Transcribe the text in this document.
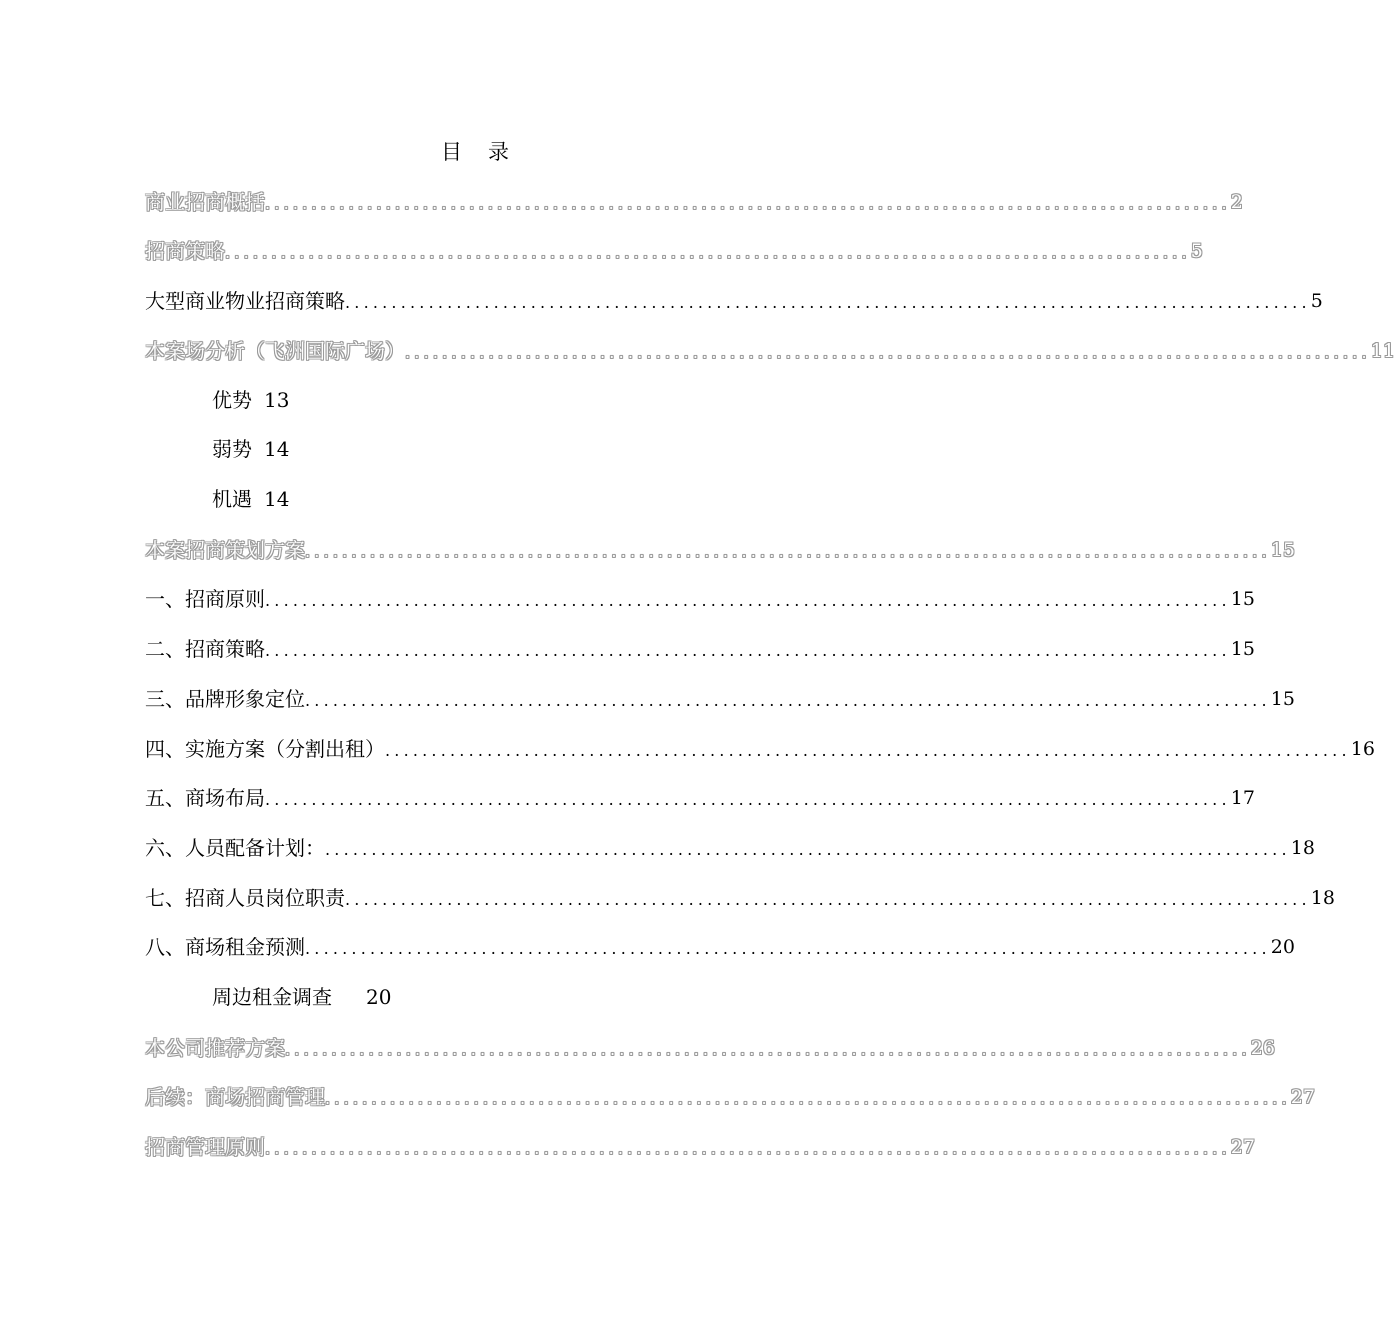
目 录
商业招商概括 ........................................................................................................ 2
招商策略 ........................................................................................................ 5
大型商业物业招商策略 ........................................................................................................ 5
本案场分析（飞洲国际广场） ........................................................................................................ 11
优势 13
弱势 14
机遇 14
本案招商策划方案 ........................................................................................................ 15
一、招商原则 ........................................................................................................ 15
二、招商策略 ........................................................................................................ 15
三、品牌形象定位 ........................................................................................................ 15
四、实施方案（分割出租） ........................................................................................................ 16
五、商场布局 ........................................................................................................ 17
六、人员配备计划： ........................................................................................................ 18
七、招商人员岗位职责 ........................................................................................................ 18
八、商场租金预测 ........................................................................................................ 20
周边租金调查 20
本公司推荐方案 ........................................................................................................ 26
后续：商场招商管理 ........................................................................................................ 27
招商管理原则 ........................................................................................................ 27
